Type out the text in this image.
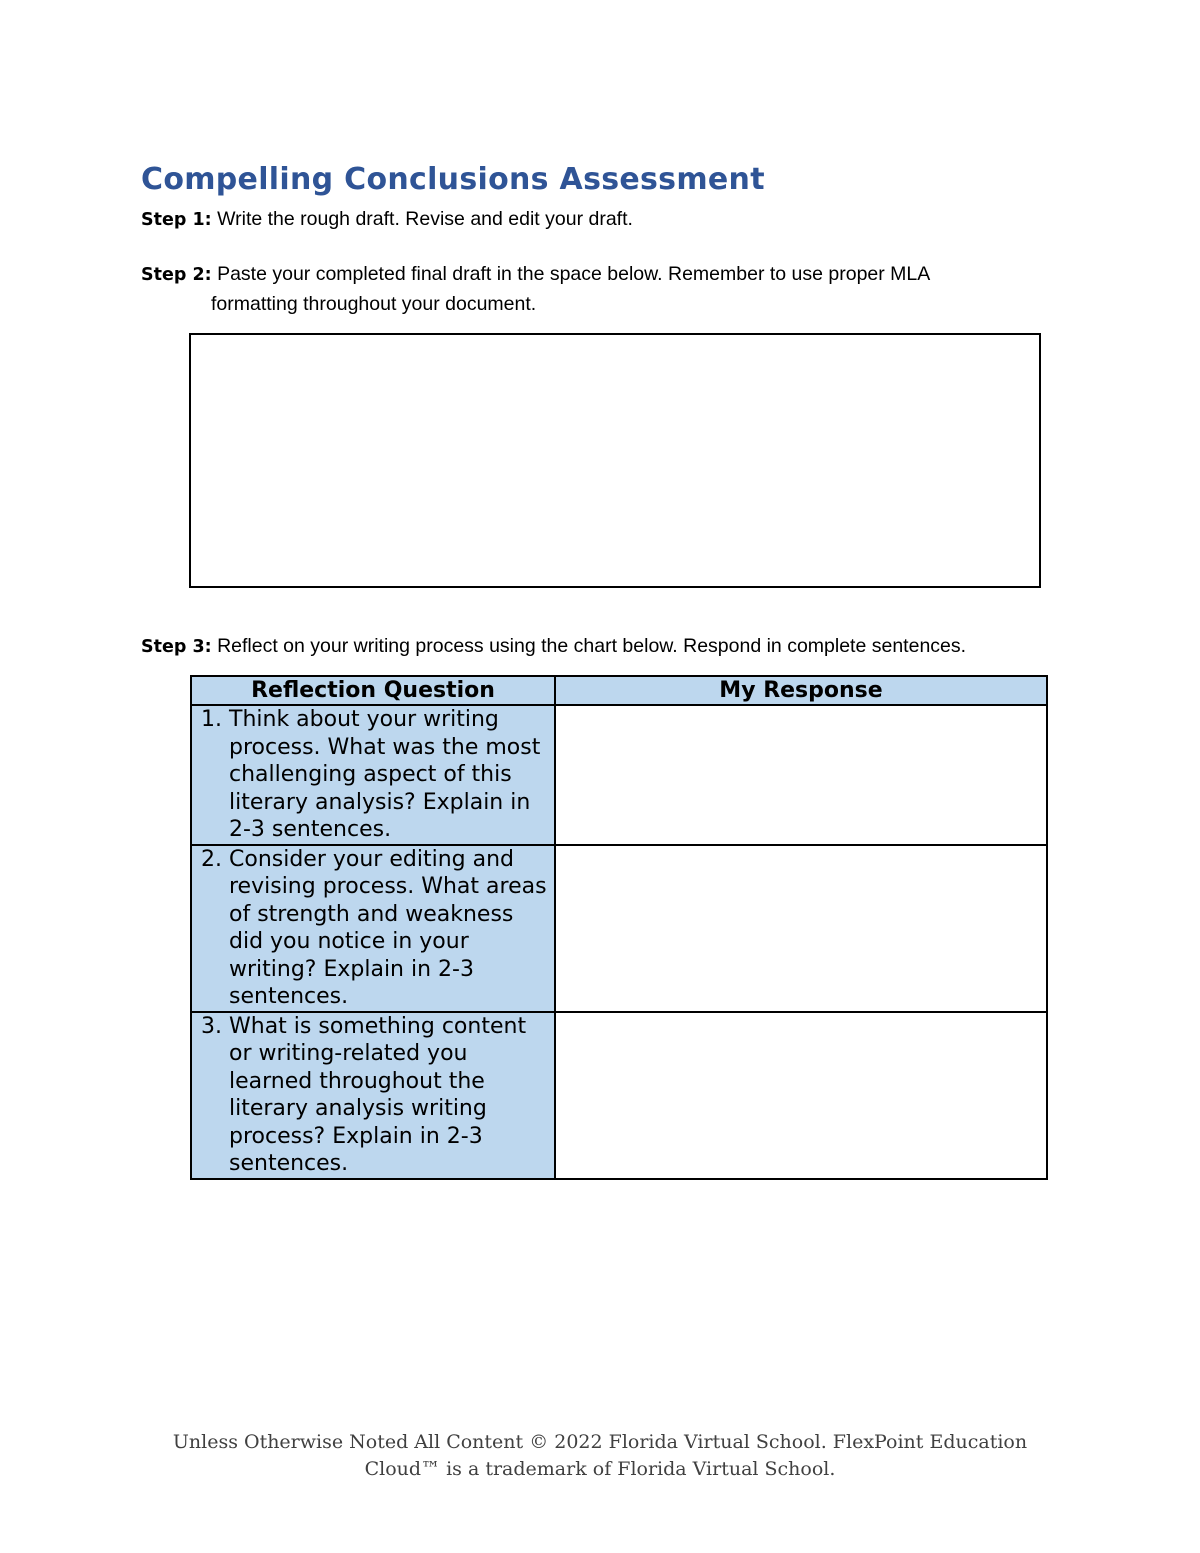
Compelling Conclusions Assessment
Step 1: Write the rough draft. Revise and edit your draft.
Step 2: Paste your completed final draft in the space below. Remember to use proper MLA
formatting throughout your document.
Step 3: Reflect on your writing process using the chart below. Respond in complete sentences.
Reflection Question	My Response

1. Think about your writing process. What was the most challenging aspect of this literary analysis? Explain in 2-3 sentences.	

2. Consider your editing and revising process. What areas of strength and weakness did you notice in your writing? Explain in 2-3 sentences.	

3. What is something content or writing-related you learned throughout the literary analysis writing process? Explain in 2-3 sentences.	

Unless Otherwise Noted All Content © 2022 Florida Virtual School. FlexPoint Education
Cloud™ is a trademark of Florida Virtual School.
